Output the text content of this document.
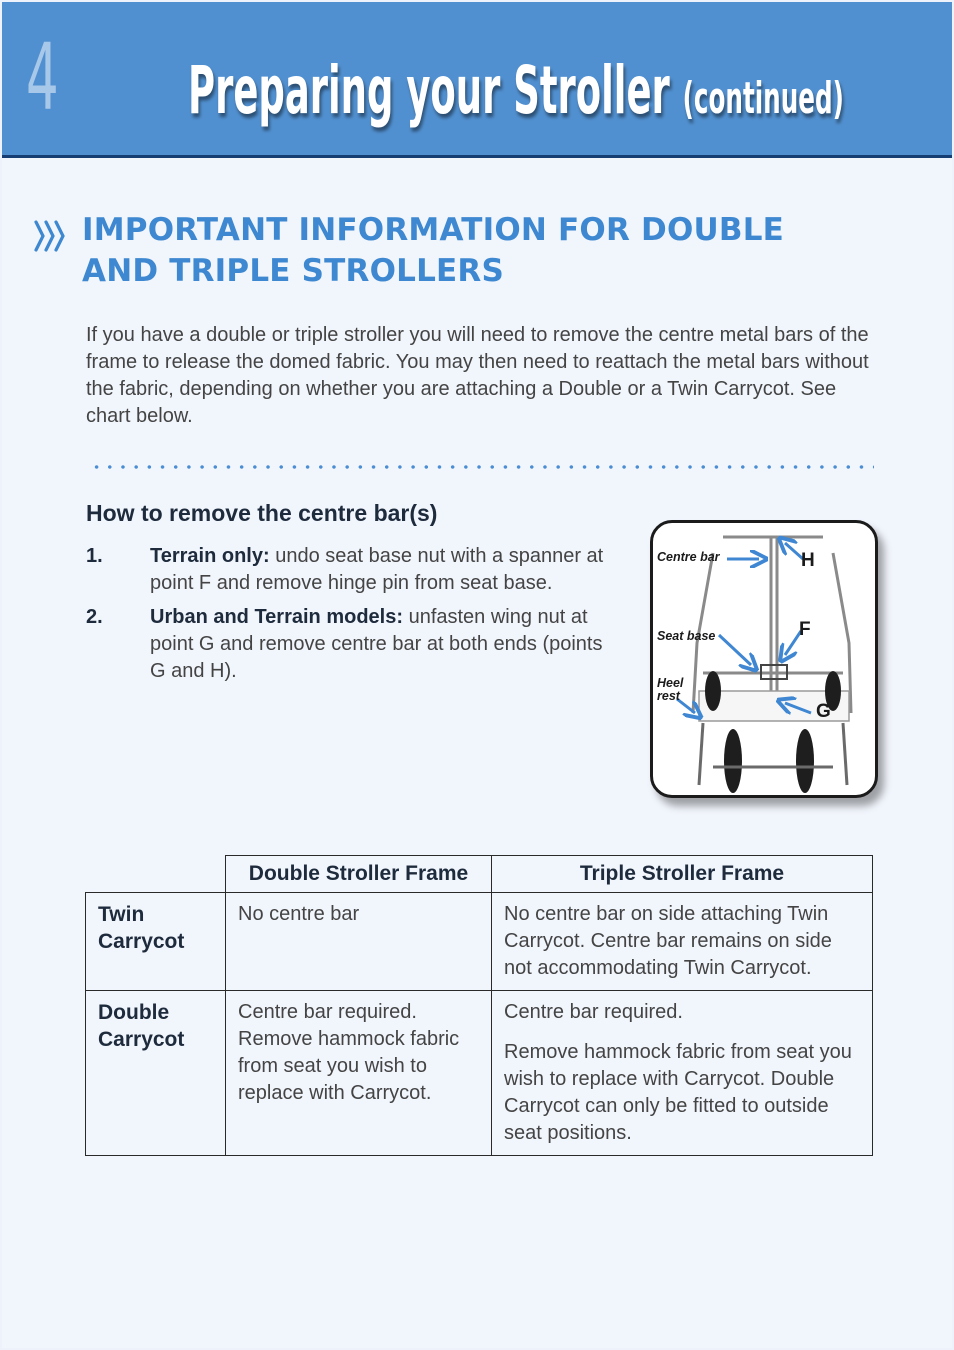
4 Preparing your Stroller (continued)
IMPORTANT INFORMATION FOR DOUBLE AND TRIPLE STROLLERS
If you have a double or triple stroller you will need to remove the centre metal bars of the frame to release the domed fabric. You may then need to reattach the metal bars without the fabric, depending on whether you are attaching a Double or a Twin Carrycot. See chart below.
How to remove the centre bar(s)
1.	Terrain only: undo seat base nut with a spanner at point F and remove hinge pin from seat base.
2.	Urban and Terrain models: unfasten wing nut at point G and remove centre bar at both ends (points G and H).
Centre bar
Seat base
Heel
rest
H
F
G
	Double Stroller Frame	Triple Stroller Frame
Twin Carrycot	No centre bar	No centre bar on side attaching Twin Carrycot. Centre bar remains on side not accommodating Twin Carrycot.

Double Carrycot	Centre bar required. Remove hammock fabric from seat you wish to replace with Carrycot.	Centre bar required.

Remove hammock fabric from seat you wish to replace with Carrycot. Double Carrycot can only be fitted to outside seat positions.
